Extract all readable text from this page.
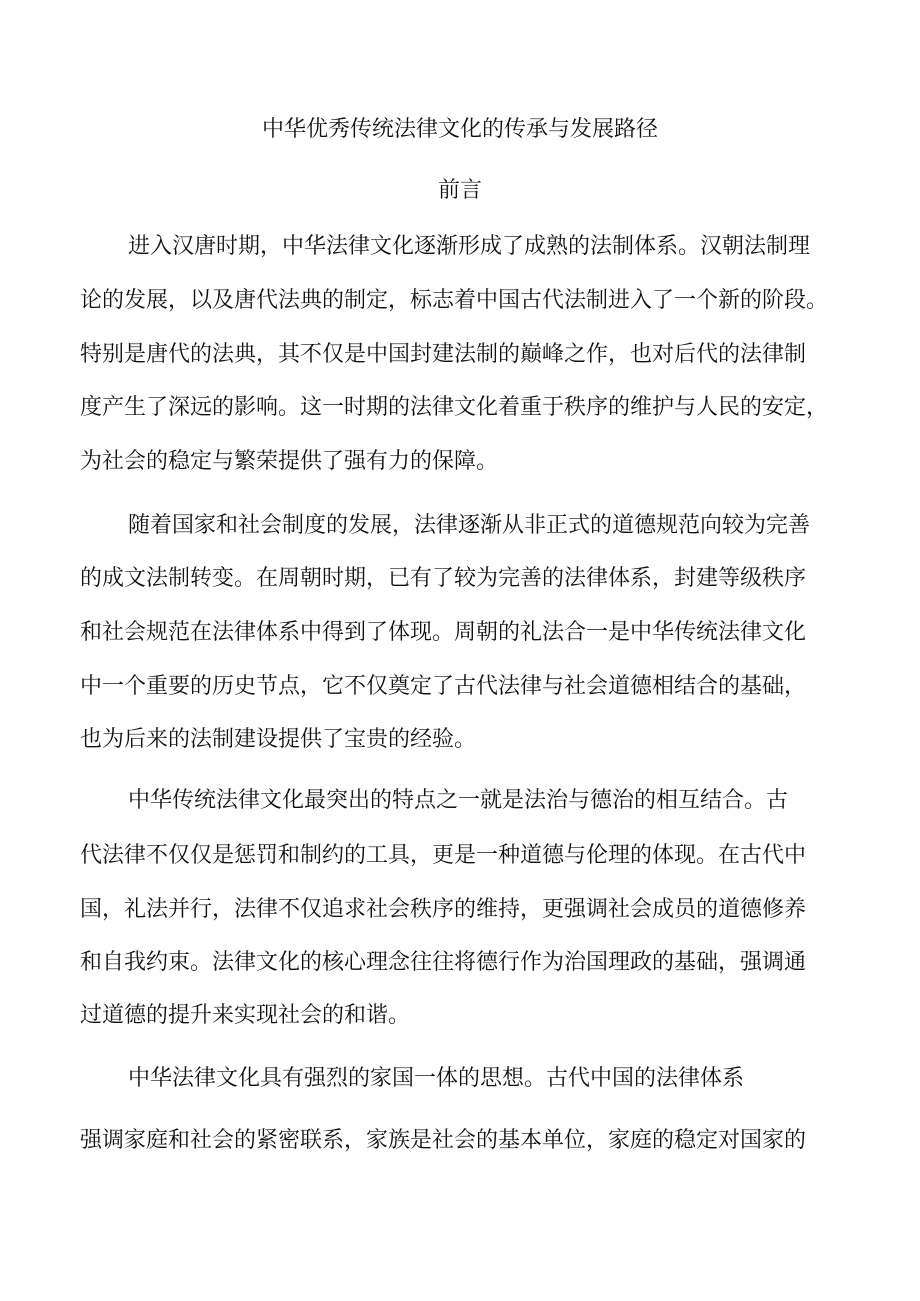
中华优秀传统法律文化的传承与发展路径
前言
进入汉唐时期，中华法律文化逐渐形成了成熟的法制体系。汉朝法制理
论的发展，以及唐代法典的制定，标志着中国古代法制进入了一个新的阶段。
特别是唐代的法典，其不仅是中国封建法制的巅峰之作，也对后代的法律制
度产生了深远的影响。这一时期的法律文化着重于秩序的维护与人民的安定，
为社会的稳定与繁荣提供了强有力的保障。
随着国家和社会制度的发展，法律逐渐从非正式的道德规范向较为完善
的成文法制转变。在周朝时期，已有了较为完善的法律体系，封建等级秩序
和社会规范在法律体系中得到了体现。周朝的礼法合一是中华传统法律文化
中一个重要的历史节点，它不仅奠定了古代法律与社会道德相结合的基础，
也为后来的法制建设提供了宝贵的经验。
中华传统法律文化最突出的特点之一就是法治与德治的相互结合。古
代法律不仅仅是惩罚和制约的工具，更是一种道德与伦理的体现。在古代中
国，礼法并行，法律不仅追求社会秩序的维持，更强调社会成员的道德修养
和自我约束。法律文化的核心理念往往将德行作为治国理政的基础，强调通
过道德的提升来实现社会的和谐。
中华法律文化具有强烈的家国一体的思想。古代中国的法律体系
强调家庭和社会的紧密联系，家族是社会的基本单位，家庭的稳定对国家的
